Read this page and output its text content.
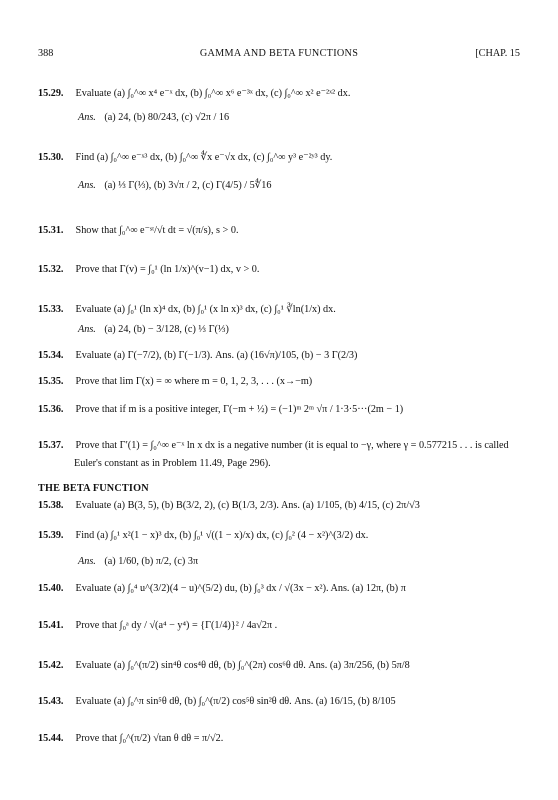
388	GAMMA AND BETA FUNCTIONS	[CHAP. 15
15.29. Evaluate (a) ∫₀^∞ x⁴ e⁻ˣ dx, (b) ∫₀^∞ x⁶ e⁻³ˣ dx, (c) ∫₀^∞ x² e⁻²ˣ² dx.
Ans. (a) 24, (b) 80/243, (c) √2π / 16
15.30. Find (a) ∫₀^∞ e⁻ˣ³ dx, (b) ∫₀^∞ ∜x e⁻√x dx, (c) ∫₀^∞ y³ e⁻²ʸ³ dy.
Ans. (a) ⅓ Γ(⅓), (b) 3√π / 2, (c) Γ(4/5) / 5∜16
15.31. Show that ∫₀^∞ e⁻ˢᵗ/√t dt = √(π/s), s > 0.
15.32. Prove that Γ(v) = ∫₀¹ (ln 1/x)^(v−1) dx, v > 0.
15.33. Evaluate (a) ∫₀¹ (ln x)⁴ dx, (b) ∫₀¹ (x ln x)³ dx, (c) ∫₀¹ ∛ln(1/x) dx.
Ans. (a) 24, (b) − 3/128, (c) ⅓ Γ(⅓)
15.34. Evaluate (a) Γ(−7/2), (b) Γ(−1/3). Ans. (a) (16√π)/105, (b) − 3 Γ(2/3)
15.35. Prove that lim Γ(x) = ∞ where m = 0, 1, 2, 3, . . . (x→−m)
15.36. Prove that if m is a positive integer, Γ(−m + ½) = (−1)ᵐ 2ᵐ √π / 1·3·5···(2m − 1)
15.37. Prove that Γ′(1) = ∫₀^∞ e⁻ˣ ln x dx is a negative number (it is equal to −γ, where γ = 0.577215 . . . is called
Euler's constant as in Problem 11.49, Page 296).
THE BETA FUNCTION
15.38. Evaluate (a) B(3, 5), (b) B(3/2, 2), (c) B(1/3, 2/3). Ans. (a) 1/105, (b) 4/15, (c) 2π/√3
15.39. Find (a) ∫₀¹ x²(1 − x)³ dx, (b) ∫₀¹ √((1 − x)/x) dx, (c) ∫₀² (4 − x²)^(3/2) dx.
Ans. (a) 1/60, (b) π/2, (c) 3π
15.40. Evaluate (a) ∫₀⁴ u^(3/2)(4 − u)^(5/2) du, (b) ∫₀³ dx / √(3x − x²). Ans. (a) 12π, (b) π
15.41. Prove that ∫₀ᵃ dy / √(a⁴ − y⁴) = {Γ(1/4)}² / 4a√2π .
15.42. Evaluate (a) ∫₀^(π/2) sin⁴θ cos⁴θ dθ, (b) ∫₀^(2π) cos⁶θ dθ. Ans. (a) 3π/256, (b) 5π/8
15.43. Evaluate (a) ∫₀^π sin⁵θ dθ, (b) ∫₀^(π/2) cos⁵θ sin²θ dθ. Ans. (a) 16/15, (b) 8/105
15.44. Prove that ∫₀^(π/2) √tan θ dθ = π/√2.
